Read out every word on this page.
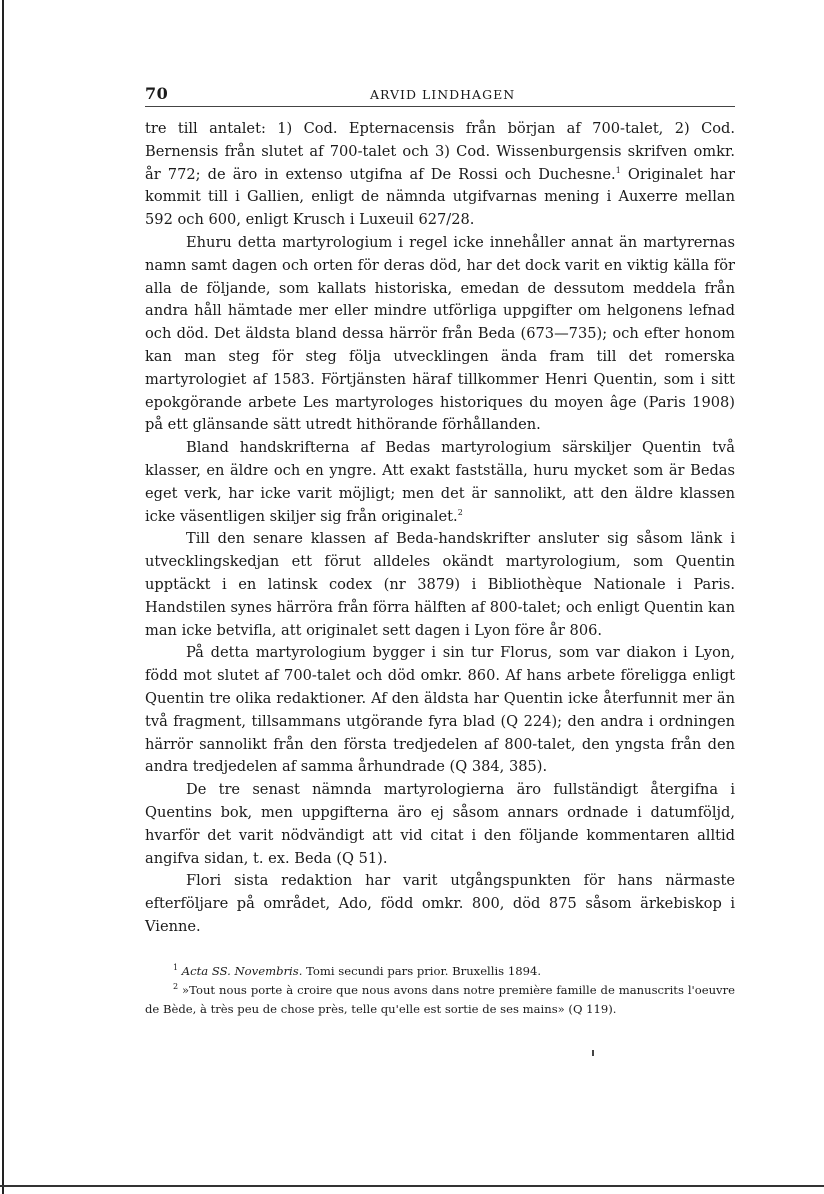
70	ARVID LINDHAGEN

tre till antalet: 1) Cod. Epternacensis från början af 700-talet, 2) Cod. Bernensis från slutet af 700-talet och 3) Cod. Wissenburgensis skrifven omkr. år 772; de äro in extenso utgifna af De Rossi och Duchesne.$^1$ Originalet har kommit till i Gallien, enligt de nämnda utgifvarnas mening i Auxerre mellan 592 och 600, enligt Krusch i Luxeuil 627/28.

Ehuru detta martyrologium i regel icke innehåller annat än martyrernas namn samt dagen och orten för deras död, har det dock varit en viktig källa för alla de följande, som kallats historiska, emedan de dessutom meddela från andra håll hämtade mer eller mindre utförliga uppgifter om helgonens lefnad och död. Det äldsta bland dessa härrör från Beda (673—735); och efter honom kan man steg för steg följa utvecklingen ända fram till det romerska martyrologiet af 1583. Förtjänsten häraf tillkommer Henri Quentin, som i sitt epokgörande arbete Les martyrologes historiques du moyen âge (Paris 1908) på ett glänsande sätt utredt hithörande förhållanden.

Bland handskrifterna af Bedas martyrologium särskiljer Quentin två klasser, en äldre och en yngre. Att exakt fastställa, huru mycket som är Bedas eget verk, har icke varit möjligt; men det är sannolikt, att den äldre klassen icke väsentligen skiljer sig från originalet.$^2$

Till den senare klassen af Beda-handskrifter ansluter sig såsom länk i utvecklingskedjan ett förut alldeles okändt martyrologium, som Quentin upptäckt i en latinsk codex (nr 3879) i Bibliothèque Nationale i Paris. Handstilen synes härröra från förra hälften af 800-talet; och enligt Quentin kan man icke betvifla, att originalet sett dagen i Lyon före år 806.

På detta martyrologium bygger i sin tur Florus, som var diakon i Lyon, född mot slutet af 700-talet och död omkr. 860. Af hans arbete föreligga enligt Quentin tre olika redaktioner. Af den äldsta har Quentin icke återfunnit mer än två fragment, tillsammans utgörande fyra blad (Q 224); den andra i ordningen härrör sannolikt från den första tredjedelen af 800-talet, den yngsta från den andra tredjedelen af samma århundrade (Q 384, 385).

De tre senast nämnda martyrologierna äro fullständigt återgifna i Quentins bok, men uppgifterna äro ej såsom annars ordnade i datumföljd, hvarför det varit nödvändigt att vid citat i den följande kommentaren alltid angifva sidan, t. ex. Beda (Q 51).

Flori sista redaktion har varit utgångspunkten för hans närmaste efterföljare på området, Ado, född omkr. 800, död 875 såsom ärkebiskop i Vienne.

$^1$ Acta SS. Novembris. Tomi secundi pars prior. Bruxellis 1894.

$^2$ »Tout nous porte à croire que nous avons dans notre première famille de manuscrits l'oeuvre de Bède, à très peu de chose près, telle qu'elle est sortie de ses mains» (Q 119).
